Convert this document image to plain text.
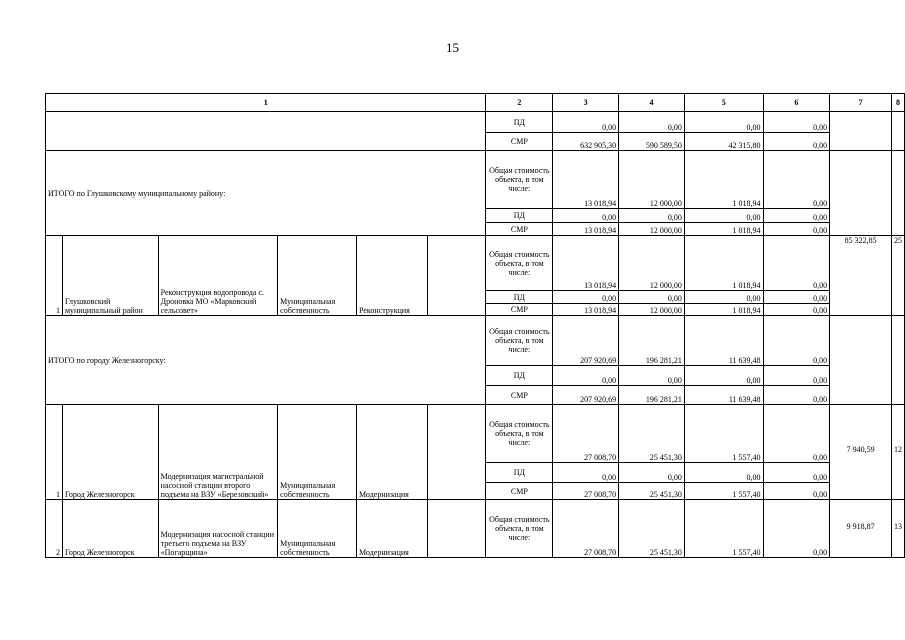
15
1						2	3	4	5	6	7	8
						ПД	0,00	0,00	0,00	0,00		
						СМР	632 905,30	590 589,50	42 315,80	0,00		
ИТОГО по Глушковскому муниципальному району:						Общая стоимость объекта, в том числе:	13 018,94	12 000,00	1 018,94	0,00		
						ПД	0,00	0,00	0,00	0,00		
						СМР	13 018,94	12 000,00	1 018,94	0,00		
1	Глушковский муниципальный район	Реконструкция водопровода с. Дроновка МО «Марковский сельсовет»	Муниципальная собственность	Реконструкция		Общая стоимость объекта, в том числе:	13 018,94	12 000,00	1 018,94	0,00	85 322,85	25
						ПД	0,00	0,00	0,00	0,00		
						СМР	13 018,94	12 000,00	1 018,94	0,00		
ИТОГО по городу Железногорску:						Общая стоимость объекта, в том числе:	207 920,69	196 281,21	11 639,48	0,00		
						ПД	0,00	0,00	0,00	0,00		
						СМР	207 920,69	196 281,21	11 639,48	0,00		
1	Город Железногорск	Модернизация магистральной насосной станции второго подъема на ВЗУ «Березовский»	Муниципальная собственность	Модернизация		Общая стоимость объекта, в том числе:	27 008,70	25 451,30	1 557,40	0,00	7 940,59	12
						ПД	0,00	0,00	0,00	0,00		
						СМР	27 008,70	25 451,30	1 557,40	0,00		
2	Город Железногорск	Модернизация насосной станции третьего подъема на ВЗУ «Погарщина»	Муниципальная собственность	Модернизация		Общая стоимость объекта, в том числе:	27 008,70	25 451,30	1 557,40	0,00	9 918,87	13
